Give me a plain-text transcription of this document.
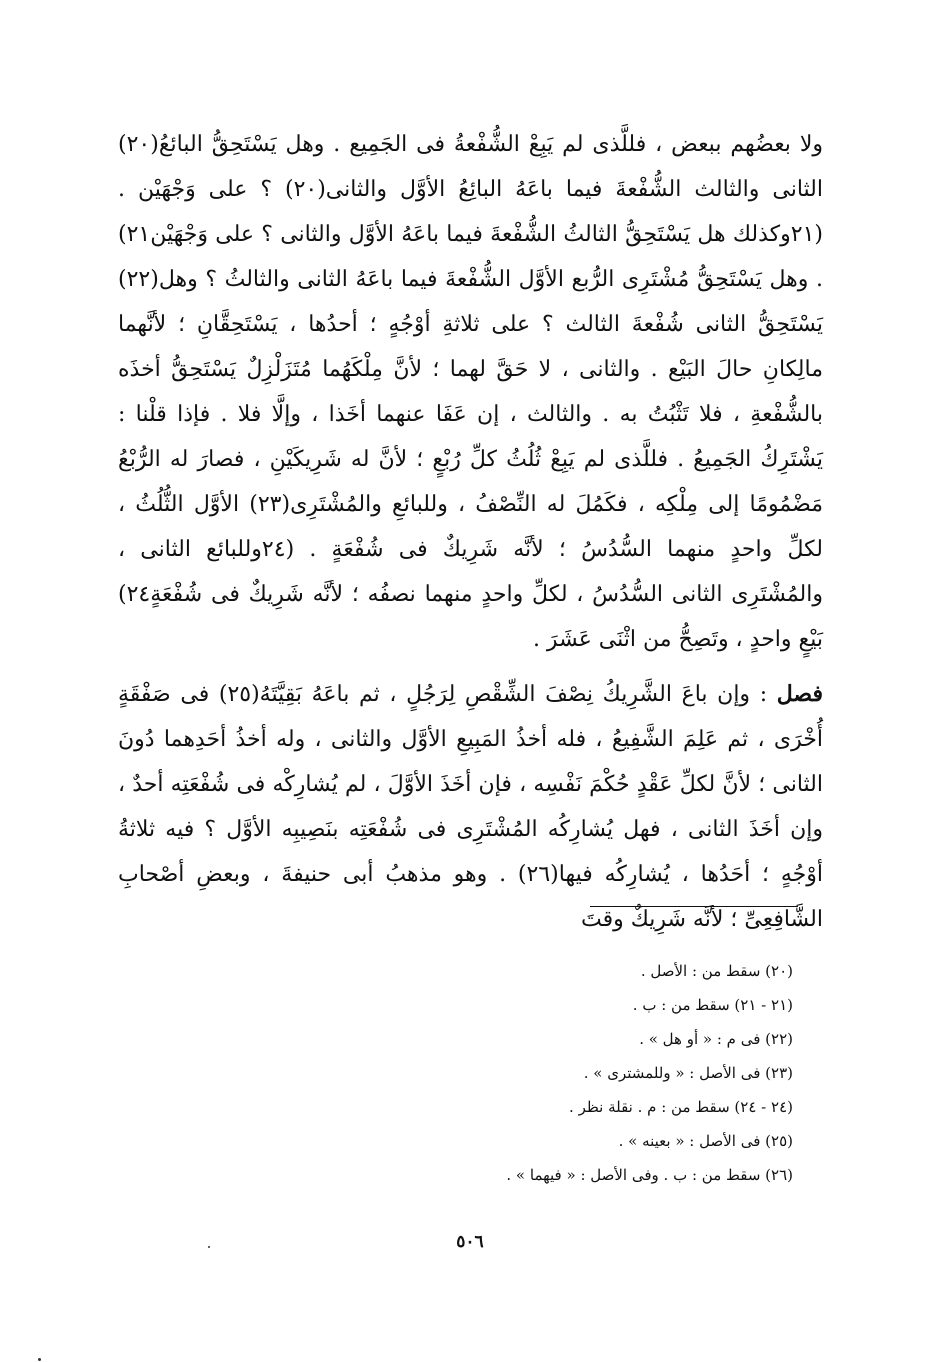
ولا بعضُهم ببعض ، فللَّذى لم يَبِعْ الشُّفْعةُ فى الجَمِيع . وهل يَسْتَحِقُّ البائعُ(٢٠) الثانى والثالث الشُّفْعةَ فيما باعَهُ البائِعُ الأوَّل والثانى(٢٠) ؟ على وَجْهَيْن . (٢١وكذلك هل يَسْتَحِقُّ الثالثُ الشُّفْعةَ فيما باعَهُ الأوَّل والثانى ؟ على وَجْهَيْن٢١) . وهل يَسْتَحِقُّ مُشْتَرِى الرُّبع الأوَّل الشُّفْعةَ فيما باعَهُ الثانى والثالثُ ؟ وهل(٢٢) يَسْتَحِقُّ الثانى شُفْعةَ الثالث ؟ على ثلاثةِ أوْجُهٍ ؛ أحدُها ، يَسْتَحِقَّانِ ؛ لأنَّهما مالِكانِ حالَ البَيْع . والثانى ، لا حَقَّ لهما ؛ لأنَّ مِلْكَهُما مُتَزَلْزِلٌ يَسْتَحِقُّ أخذَه بالشُّفْعةِ ، فلا تَثْبُتُ به . والثالث ، إن عَفَا عنهما أخَذا ، وإلَّا فلا . فإذا قلْنا : يَشْتَرِكُ الجَمِيعُ . فللَّذى لم يَبِعْ ثُلُثُ كلِّ رُبْعٍ ؛ لأنَّ له شَرِيكَيْنِ ، فصارَ له الرُّبْعُ مَضْمُومًا إلى مِلْكِه ، فكَمُلَ له النِّصْفُ ، وللبائعِ والمُشْتَرِى(٢٣) الأوَّل الثُّلُثُ ، لكلِّ واحدٍ منهما السُّدُسُ ؛ لأنَّه شَرِيكٌ فى شُفْعَةٍ . (٢٤وللبائع الثانى ، والمُشْتَرِى الثانى السُّدُسُ ، لكلِّ واحدٍ منهما نصفُه ؛ لأنَّه شَرِيكٌ فى شُفْعَةٍ٢٤) بَيْعٍ واحدٍ ، وتَصِحُّ من اثْنَى عَشَرَ .

فصل : وإن باعَ الشَّرِيكُ نِصْفَ الشِّقْصِ لِرَجُلٍ ، ثم باعَهُ بَقِيَّتَهُ(٢٥) فى صَفْقَةٍ أُخْرَى ، ثم عَلِمَ الشَّفِيعُ ، فله أخذُ المَبِيعِ الأوَّل والثانى ، وله أخذُ أحَدِهما دُونَ الثانى ؛ لأنَّ لكلِّ عَقْدٍ حُكْمَ نَفْسِه ، فإن أخَذَ الأوَّلَ ، لم يُشارِكْه فى شُفْعَتِه أحدٌ ، وإن أخَذَ الثانى ، فهل يُشارِكُه المُشْتَرِى فى شُفْعَتِه بنَصِيبِه الأوَّل ؟ فيه ثلاثةُ أوْجُهٍ ؛ أحَدُها ، يُشارِكُه فيها(٢٦) . وهو مذهبُ أبى حنيفةَ ، وبعضِ أصْحابِ الشَّافِعِىِّ ؛ لأنَّه شَرِيكٌ وقتَ

(٢٠) سقط من : الأصل .
(٢١ - ٢١) سقط من : ب .
(٢٢) فى م : « أو هل » .
(٢٣) فى الأصل : « وللمشترى » .
(٢٤ - ٢٤) سقط من : م . نقلة نظر .
(٢٥) فى الأصل : « بعينه » .
(٢٦) سقط من : ب . وفى الأصل : « فيهما » .
٥٠٦
